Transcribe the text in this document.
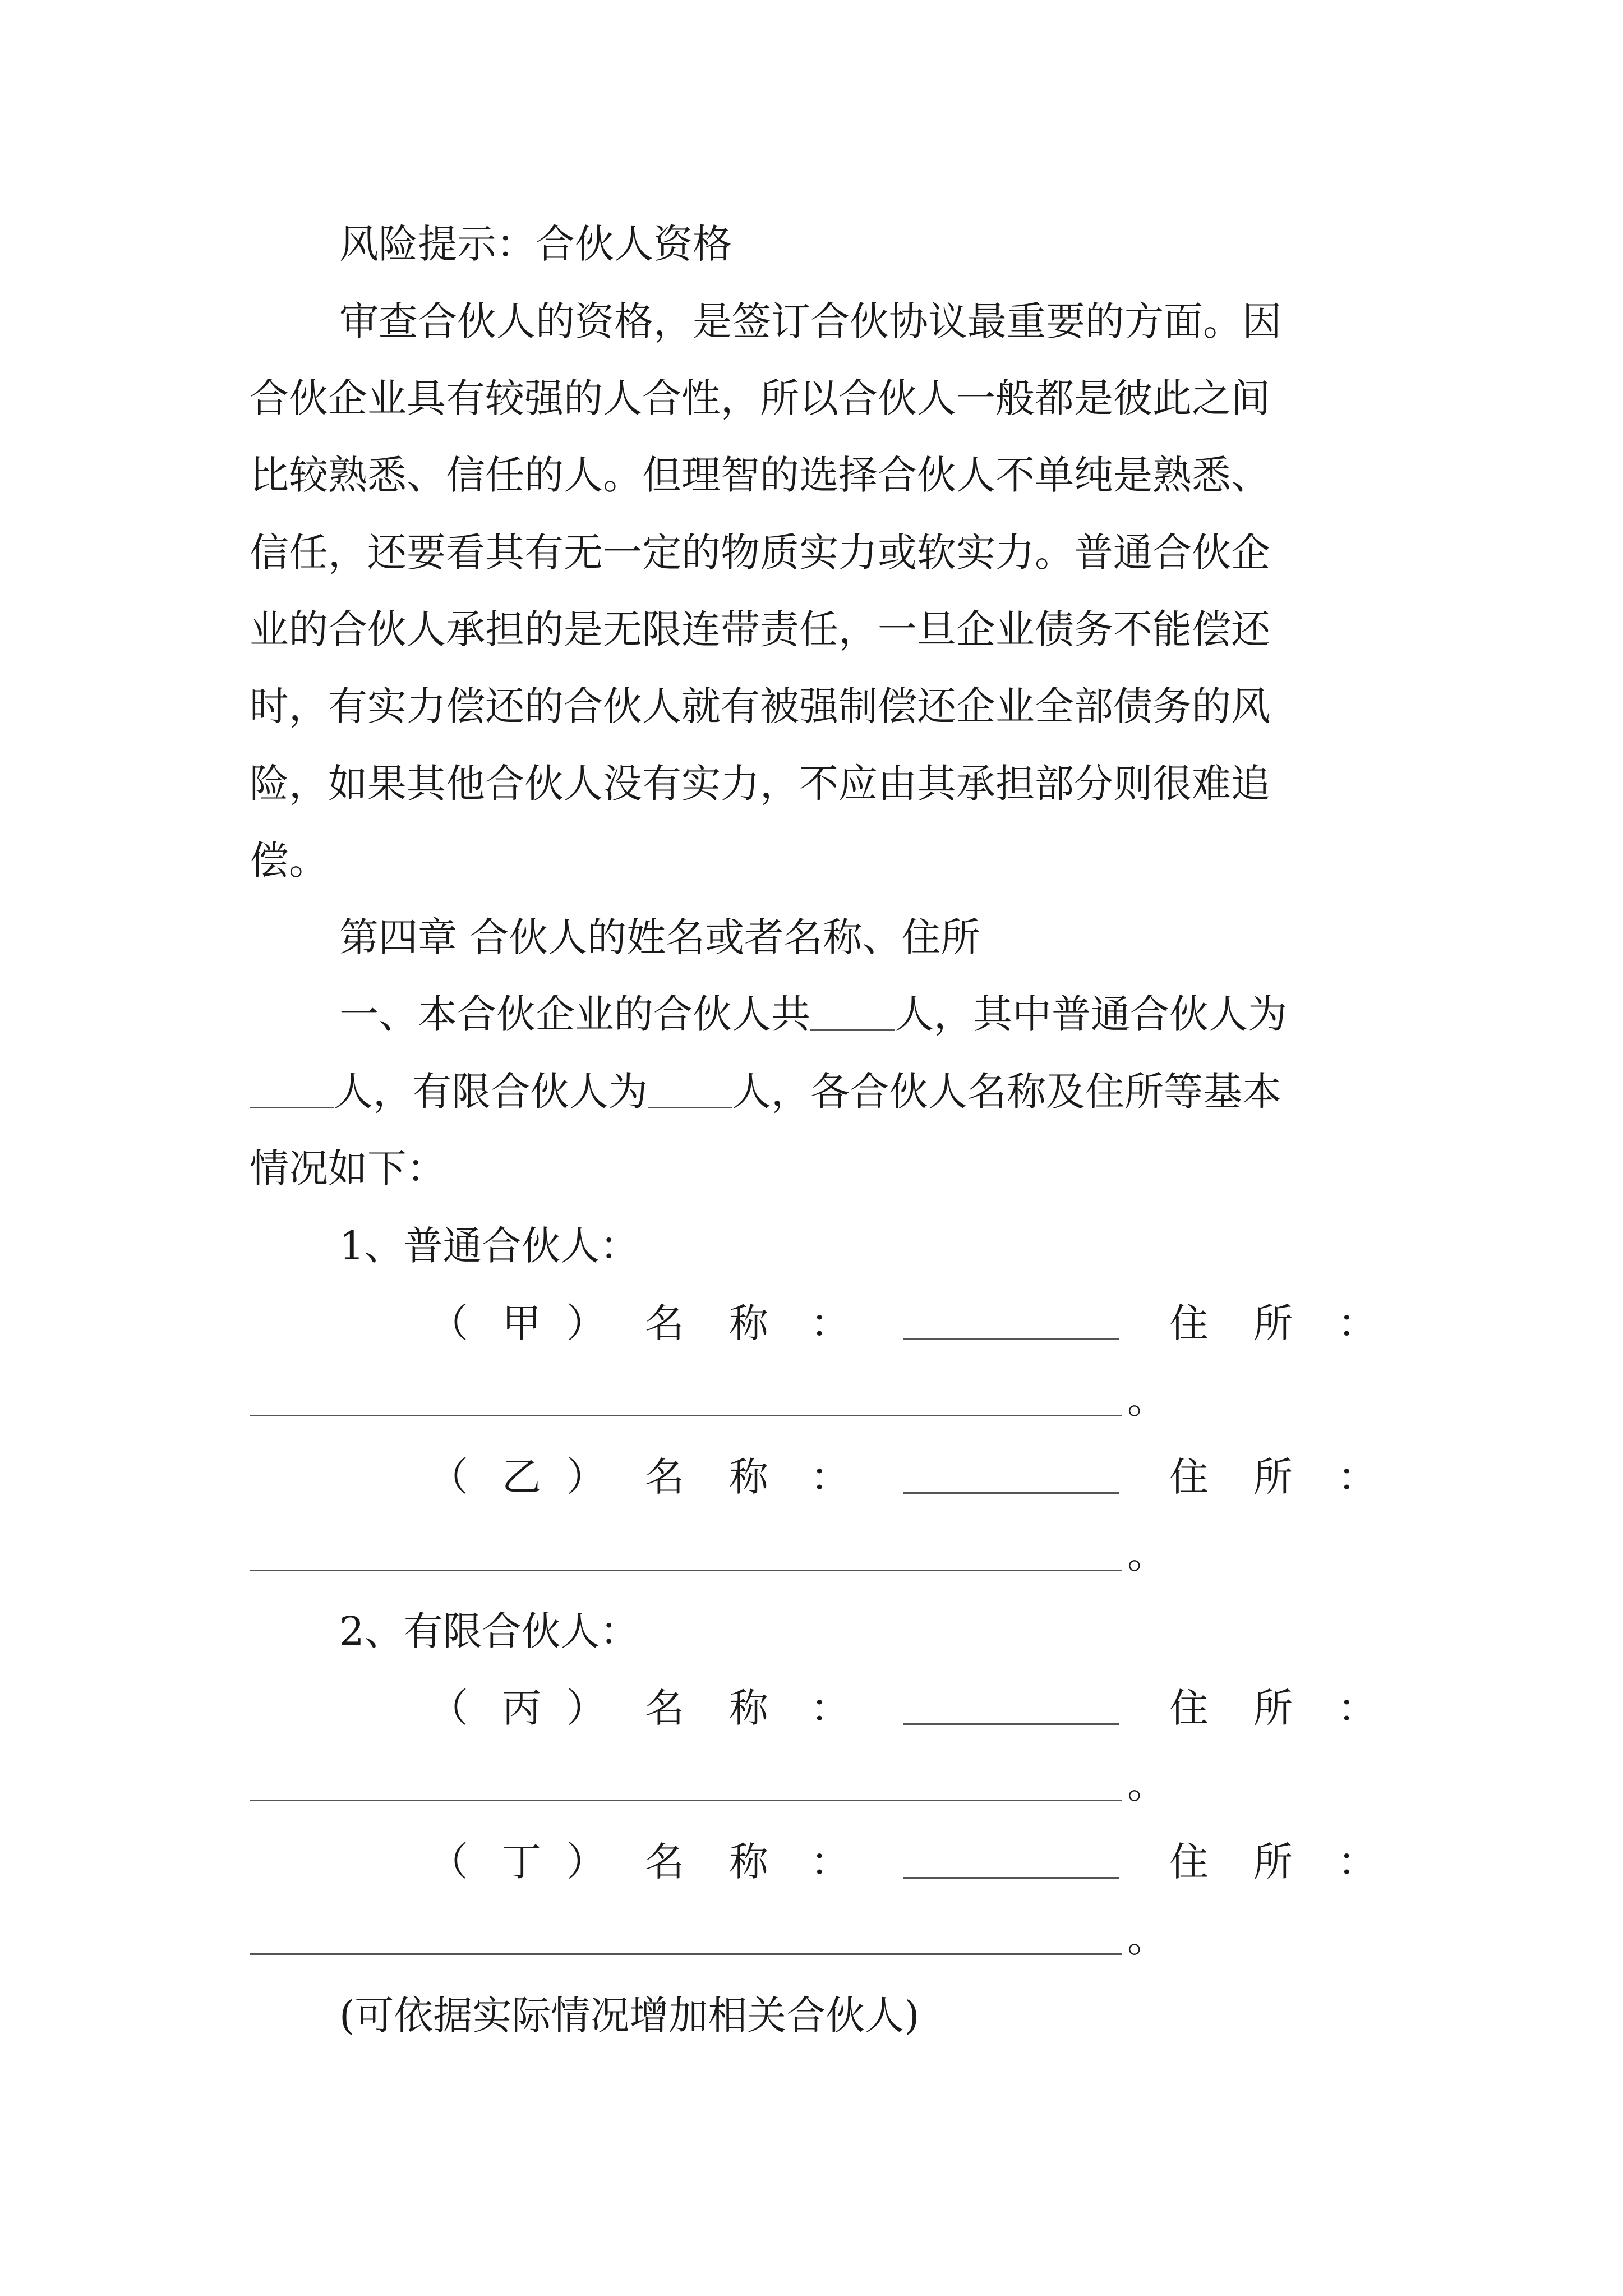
风险提示：合伙人资格
审查合伙人的资格，是签订合伙协议最重要的方面。因
合伙企业具有较强的人合性，所以合伙人一般都是彼此之间
比较熟悉、信任的人。但理智的选择合伙人不单纯是熟悉、
信任，还要看其有无一定的物质实力或软实力。普通合伙企
业的合伙人承担的是无限连带责任，一旦企业债务不能偿还
时，有实力偿还的合伙人就有被强制偿还企业全部债务的风
险，如果其他合伙人没有实力，不应由其承担部分则很难追
偿。
第四章 合伙人的姓名或者名称、住所
一、本合伙企业的合伙人共 人，其中普通合伙人为
人，有限合伙人为 人，各合伙人名称及住所等基本
情况如下：
1、普通合伙人：
（ 甲 ） 名 称 ：	住 所 ：
。
（ 乙 ） 名 称 ：	住 所 ：
。
2、有限合伙人：
（ 丙 ） 名 称 ：	住 所 ：
。
（ 丁 ） 名 称 ：	住 所 ：
。
(可依据实际情况增加相关合伙人)
